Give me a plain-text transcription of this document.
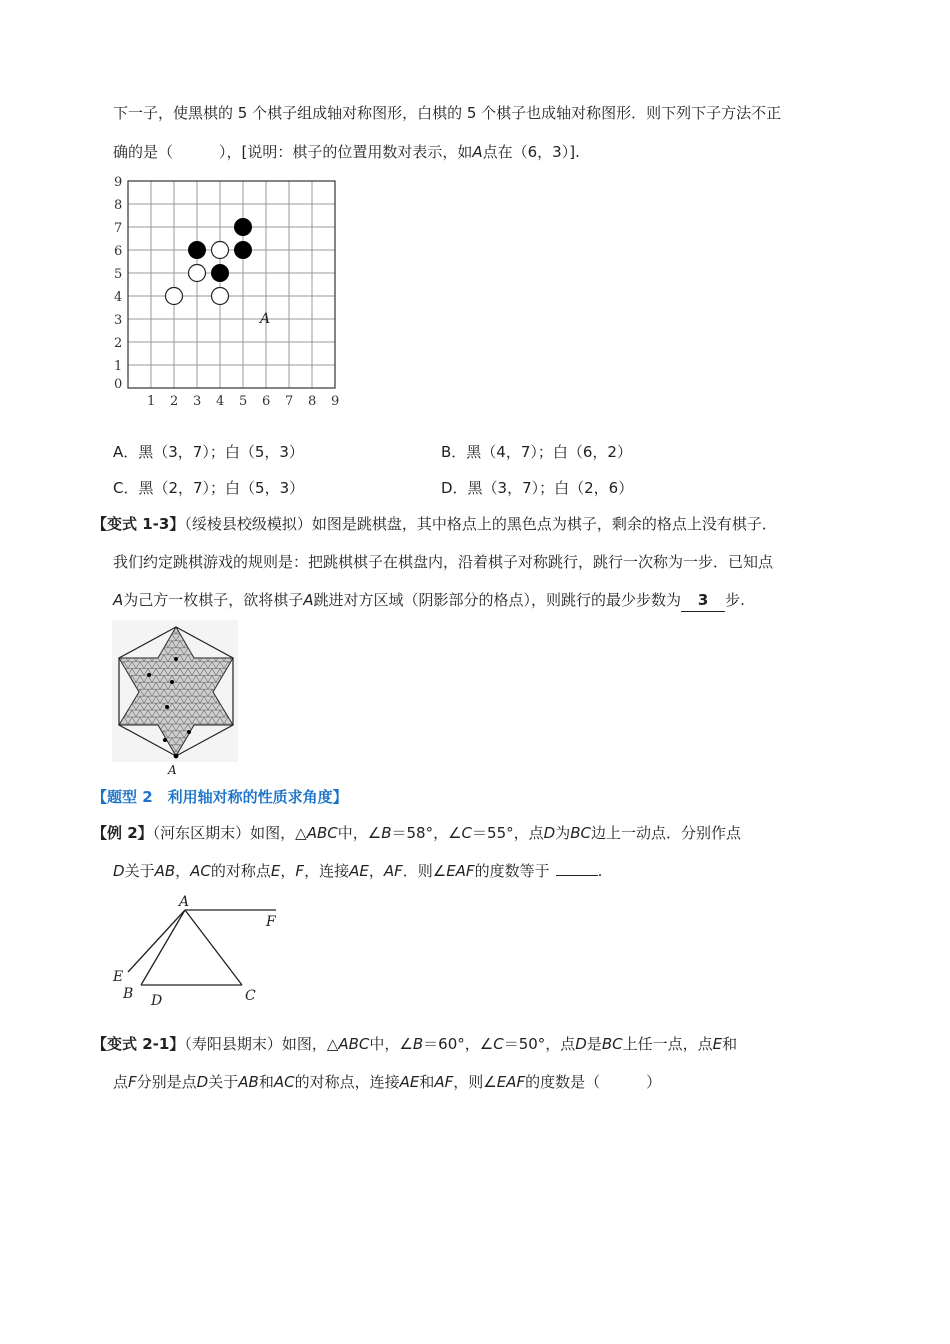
下一子，使黑棋的 5 个棋子组成轴对称图形，白棋的 5 个棋子也成轴对称图形．则下列下子方法不正
确的是（	），[说明：棋子的位置用数对表示，如A点在（6，3）].
0
1
2
3
4
5
6
7
8
9
1 2 3 4 5 6 7 8 9
A
A．黑（3，7）；白（5，3）	B．黑（4，7）；白（6，2）
C．黑（2，7）；白（5，3）	D．黑（3，7）；白（2，6）
【变式 1-3】（绥棱县校级模拟）如图是跳棋盘，其中格点上的黑色点为棋子，剩余的格点上没有棋子．
我们约定跳棋游戏的规则是：把跳棋棋子在棋盘内，沿着棋子对称跳行，跳行一次称为一步．已知点
A为己方一枚棋子，欲将棋子A跳进对方区域（阴影部分的格点），则跳行的最少步数为 3 步.
A
【题型 2　利用轴对称的性质求角度】
【例 2】（河东区期末）如图，△ABC中，∠B＝58°，∠C＝55°，点D为BC边上一动点．分别作点
D关于AB，AC的对称点E，F，连接AE，AF．则∠EAF的度数等于	.
A
F
E
B D	C
【变式 2-1】（寿阳县期末）如图，△ABC中，∠B＝60°，∠C＝50°，点D是BC上任一点，点E和
点F分别是点D关于AB和AC的对称点，连接AE和AF，则∠EAF的度数是（	）
